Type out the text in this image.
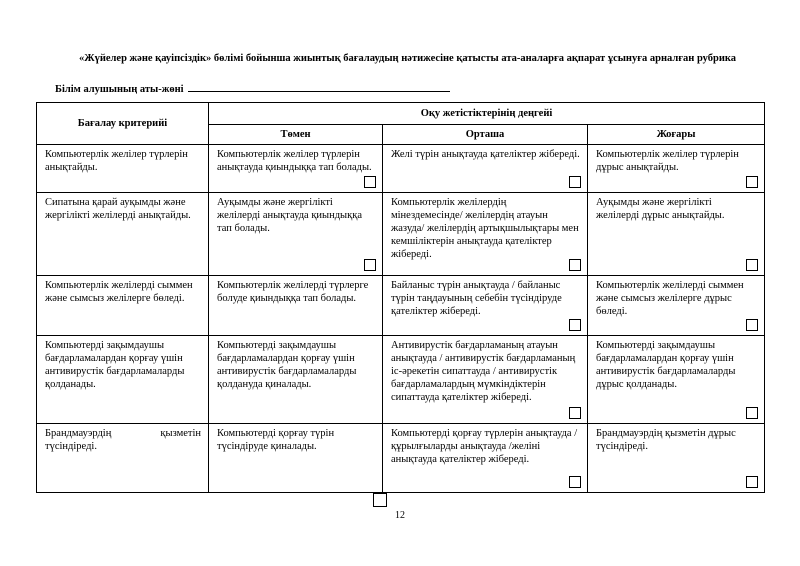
«Жүйелер және қауіпсіздік» бөлімі бойынша жиынтық бағалаудың нәтижесіне қатысты ата-аналарға ақпарат ұсынуға арналған рубрика
Білім алушының аты-жөні
Бағалау критерийі	Оқу жетістіктерінің деңгейі		
	Төмен	Орташа	Жоғары

Компьютерлік желілер түрлерін анықтайды.	Компьютерлік желілер түрлерін анықтауда қиындыққа тап болады.	Желі түрін анықтауда қателіктер жібереді.	Компьютерлік желілер түрлерін дұрыс анықтайды.

Сипатына қарай ауқымды және жергілікті желілерді анықтайды.	Ауқымды және жергілікті желілерді анықтауда қиындыққа тап болады.	Компьютерлік желілердің мінездемесінде/ желілердің атауын жазуда/ желілердің артықшылықтары мен кемшіліктерін анықтауда қателіктер жібереді.	Ауқымды және жергілікті желілерді дұрыс анықтайды.

Компьютерлік желілерді сыммен және сымсыз желілерге бөледі.	Компьютерлік желілерді түрлерге болуде қиындыққа тап болады.	Байланыс түрін анықтауда / байланыс түрін таңдауының себебін түсіндіруде қателіктер жібереді.	Компьютерлік желілерді сыммен және сымсыз желілерге дұрыс бөледі.

Компьютерді зақымдаушы бағдарламалардан қорғау үшін антивирустік бағдарламаларды қолданады.	Компьютерді зақымдаушы бағдарламалардан қорғау үшін антивирустік бағдарламаларды қолдануда қиналады.	Антивирустік бағдарламаның атауын анықтауда / антивирустік бағдарламаның іс-әрекетін сипаттауда / антивирустік бағдарламалардың мүмкіндіктерін сипаттауда қателіктер жібереді.	Компьютерді зақымдаушы бағдарламалардан қорғау үшін антивирустік бағдарламаларды дұрыс қолданады.

Брандмауэрдің қызметін түсіндіреді.	Компьютерді қорғау түрін түсіндіруде қиналады.	Компьютерді қорғау түрлерін анықтауда / құрылғыларды анықтауда /желіні анықтауда қателіктер жібереді.	Брандмауэрдің қызметін дұрыс түсіндіреді.
12
